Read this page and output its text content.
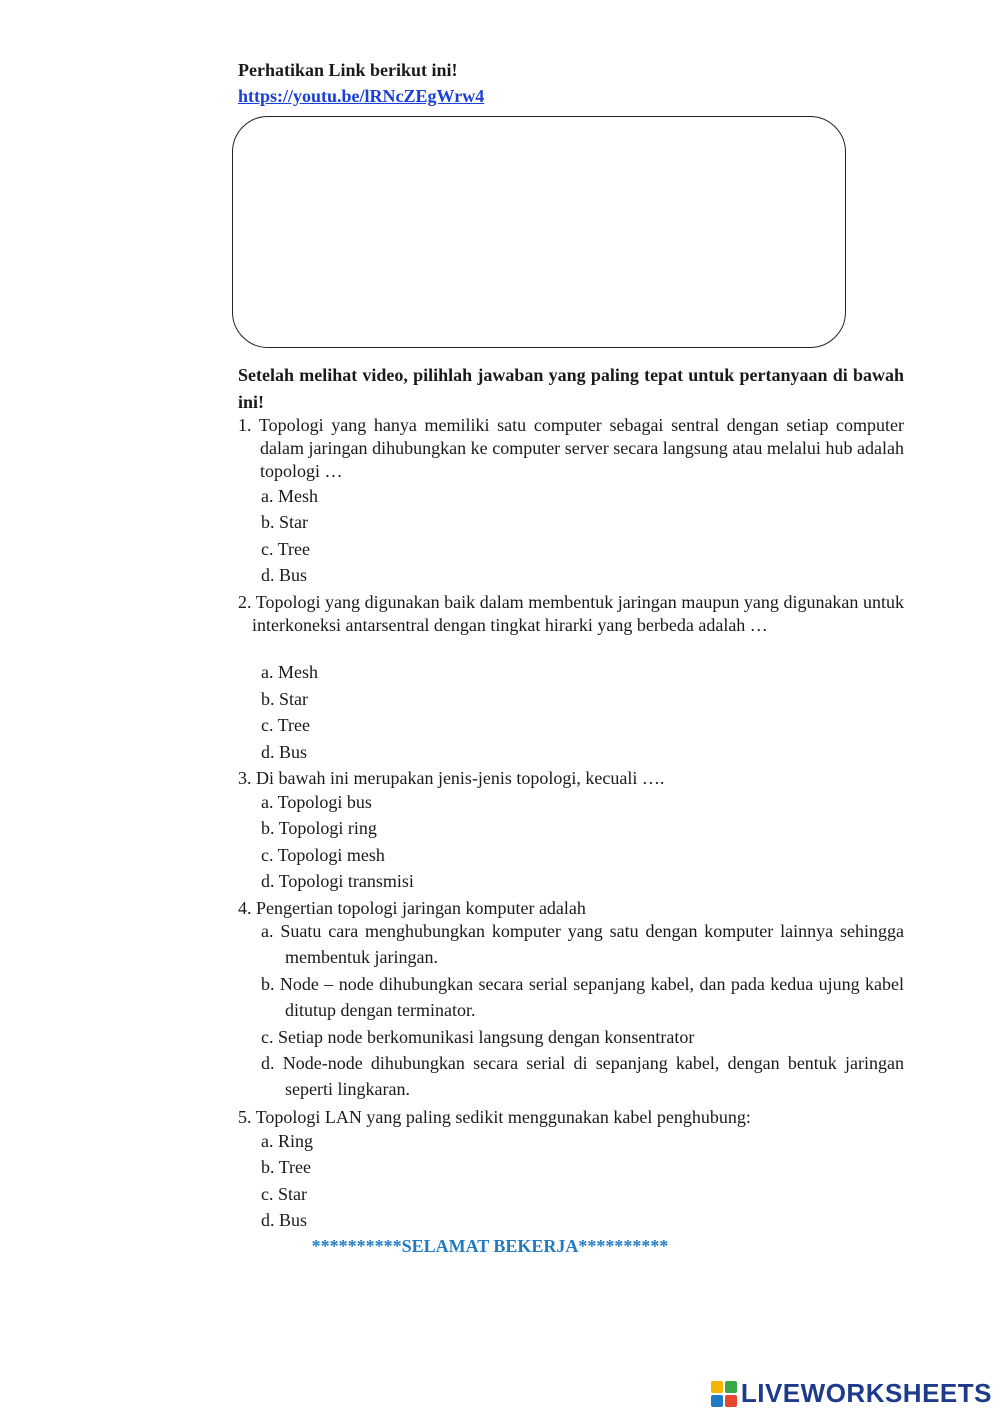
Perhatikan Link berikut ini!
https://youtu.be/lRNcZEgWrw4
Setelah melihat video, pilihlah jawaban yang paling tepat untuk pertanyaan di bawah ini!
1. Topologi yang hanya memiliki satu computer sebagai sentral dengan setiap computer dalam jaringan dihubungkan ke computer server secara langsung atau melalui hub adalah topologi …
a. Mesh
b. Star
c. Tree
d. Bus
2. Topologi yang digunakan baik dalam membentuk jaringan maupun yang digunakan untuk interkoneksi antarsentral dengan tingkat hirarki yang berbeda adalah …
a. Mesh
b. Star
c. Tree
d. Bus
3. Di bawah ini merupakan jenis-jenis topologi, kecuali ….
a. Topologi bus
b. Topologi ring
c. Topologi mesh
d. Topologi transmisi
4. Pengertian topologi jaringan komputer adalah
a. Suatu cara menghubungkan komputer yang satu dengan komputer lainnya sehingga membentuk jaringan.
b. Node – node dihubungkan secara serial sepanjang kabel, dan pada kedua ujung kabel ditutup dengan terminator.
c. Setiap node berkomunikasi langsung dengan konsentrator
d. Node-node dihubungkan secara serial di sepanjang kabel, dengan bentuk jaringan seperti lingkaran.
5. Topologi LAN yang paling sedikit menggunakan kabel penghubung:
a. Ring
b. Tree
c. Star
d. Bus
**********SELAMAT BEKERJA**********
LIVEWORKSHEETS
